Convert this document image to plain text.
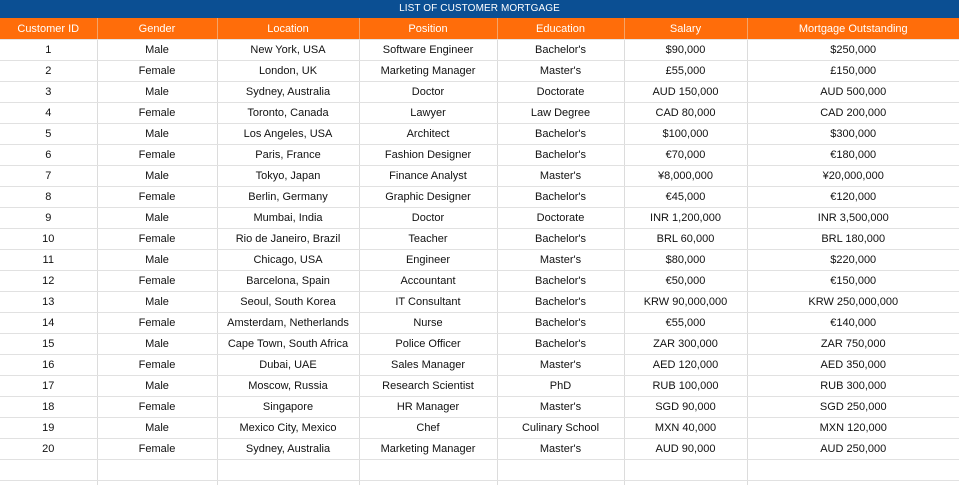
LIST OF CUSTOMER MORTGAGE
Customer ID	Gender	Location	Position	Education	Salary	Mortgage Outstanding
1	Male	New York, USA	Software Engineer	Bachelor's	$90,000	$250,000
2	Female	London, UK	Marketing Manager	Master's	£55,000	£150,000
3	Male	Sydney, Australia	Doctor	Doctorate	AUD 150,000	AUD 500,000
4	Female	Toronto, Canada	Lawyer	Law Degree	CAD 80,000	CAD 200,000
5	Male	Los Angeles, USA	Architect	Bachelor's	$100,000	$300,000
6	Female	Paris, France	Fashion Designer	Bachelor's	€70,000	€180,000
7	Male	Tokyo, Japan	Finance Analyst	Master's	¥8,000,000	¥20,000,000
8	Female	Berlin, Germany	Graphic Designer	Bachelor's	€45,000	€120,000
9	Male	Mumbai, India	Doctor	Doctorate	INR 1,200,000	INR 3,500,000
10	Female	Rio de Janeiro, Brazil	Teacher	Bachelor's	BRL 60,000	BRL 180,000
11	Male	Chicago, USA	Engineer	Master's	$80,000	$220,000
12	Female	Barcelona, Spain	Accountant	Bachelor's	€50,000	€150,000
13	Male	Seoul, South Korea	IT Consultant	Bachelor's	KRW 90,000,000	KRW 250,000,000
14	Female	Amsterdam, Netherlands	Nurse	Bachelor's	€55,000	€140,000
15	Male	Cape Town, South Africa	Police Officer	Bachelor's	ZAR 300,000	ZAR 750,000
16	Female	Dubai, UAE	Sales Manager	Master's	AED 120,000	AED 350,000
17	Male	Moscow, Russia	Research Scientist	PhD	RUB 100,000	RUB 300,000
18	Female	Singapore	HR Manager	Master's	SGD 90,000	SGD 250,000
19	Male	Mexico City, Mexico	Chef	Culinary School	MXN 40,000	MXN 120,000
20	Female	Sydney, Australia	Marketing Manager	Master's	AUD 90,000	AUD 250,000
